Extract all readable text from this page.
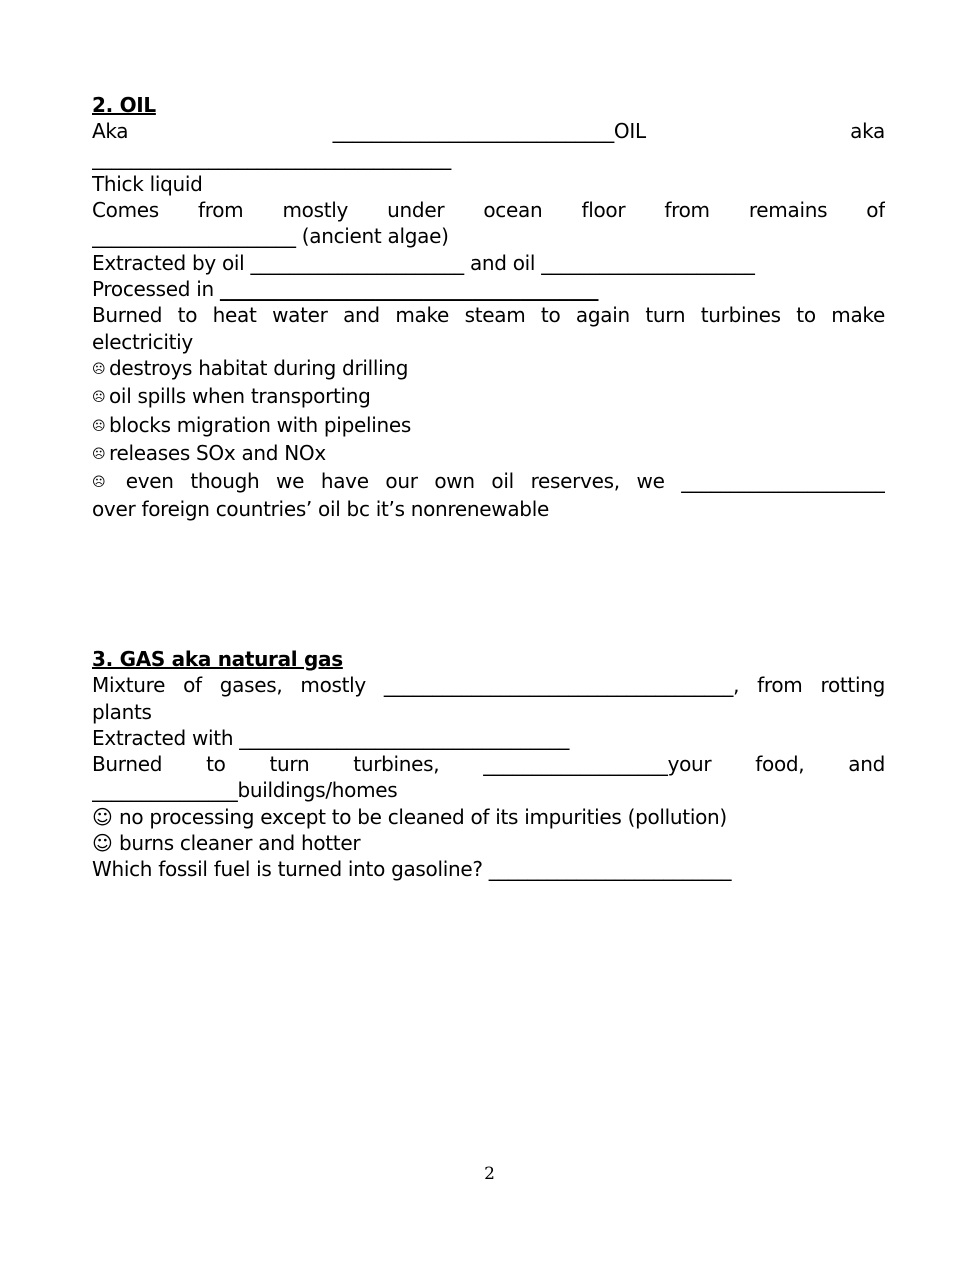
2. OIL
Aka _____________________________OIL aka
_____________________________________
Thick liquid
Comes from mostly under ocean floor from remains of
_____________________ (ancient algae)
Extracted by oil ______________________ and oil ______________________
Processed in _______________________________________
Burned to heat water and make steam to again turn turbines to make
electricitiy
☹ destroys habitat during drilling
☹ oil spills when transporting
☹ blocks migration with pipelines
☹ releases SOx and NOx
☹ even though we have our own oil reserves, we _____________________
over foreign countries’ oil bc it’s nonrenewable
3. GAS aka natural gas
Mixture of gases, mostly ____________________________________, from rotting
plants
Extracted with __________________________________
Burned to turn turbines, ___________________your food, and
_______________buildings/homes
☺ no processing except to be cleaned of its impurities (pollution)
☺ burns cleaner and hotter
Which fossil fuel is turned into gasoline? _________________________
2
